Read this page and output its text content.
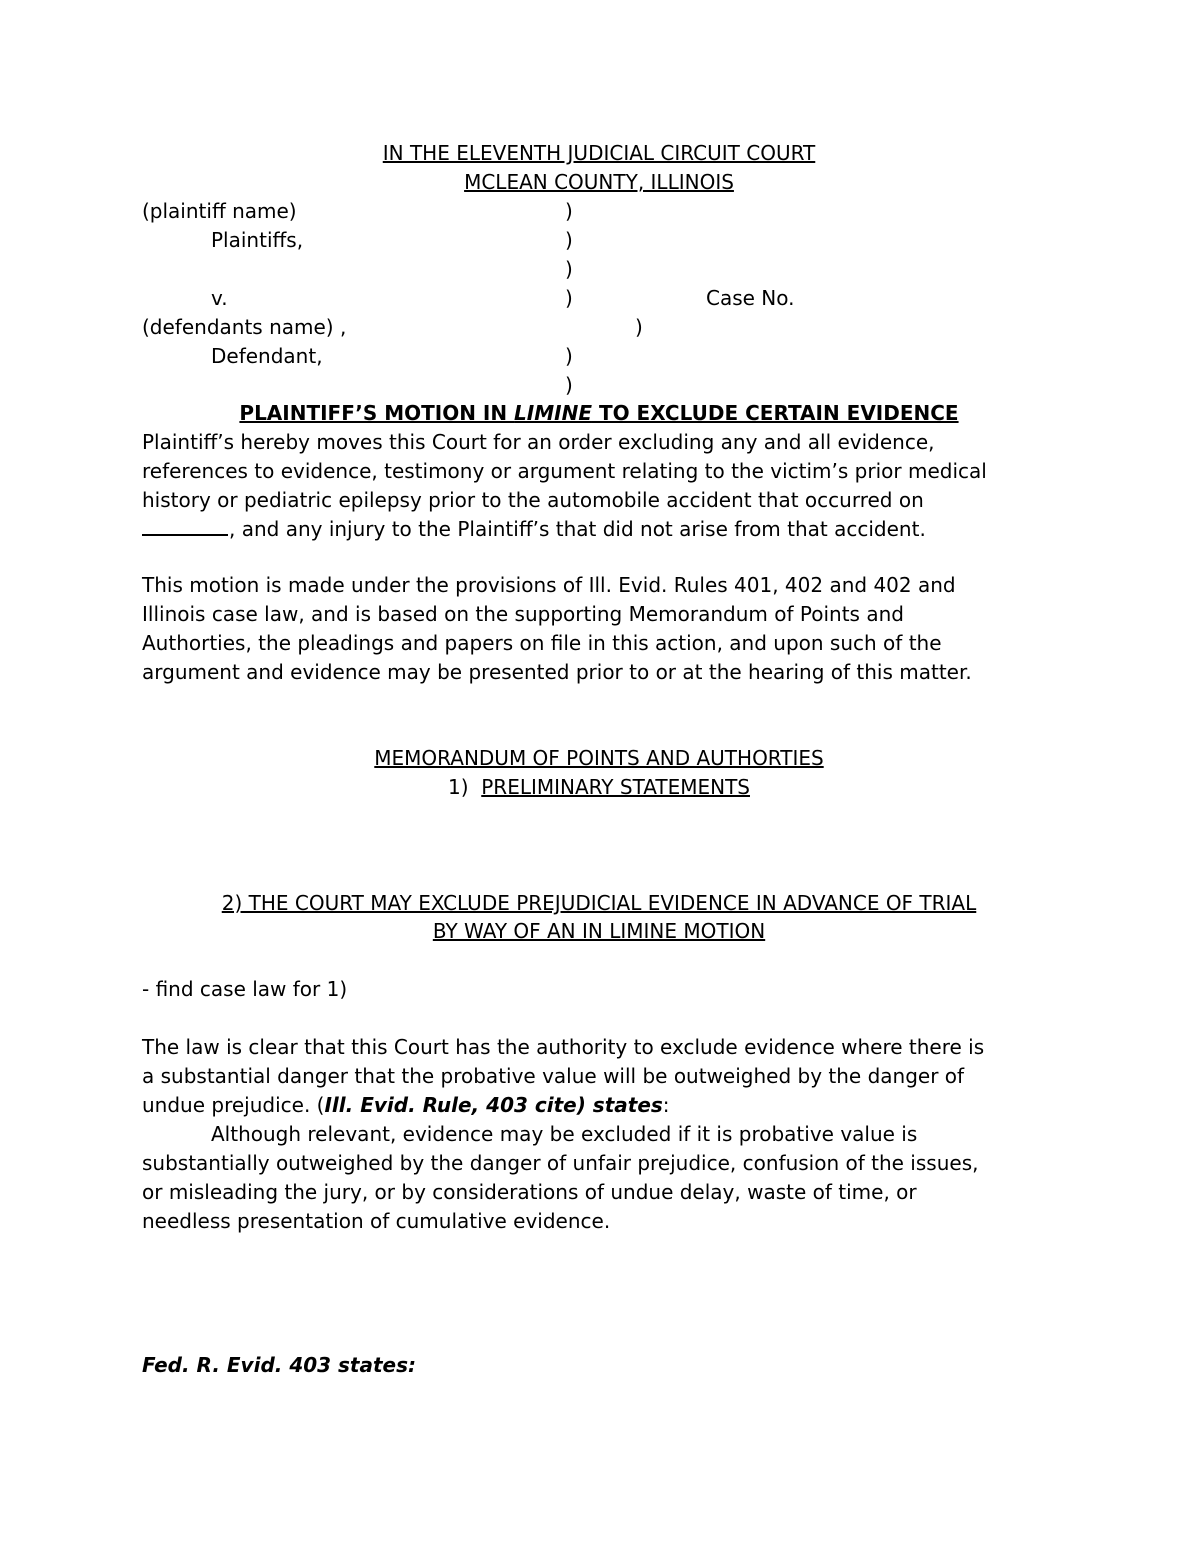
IN THE ELEVENTH JUDICIAL CIRCUIT COURT
MCLEAN COUNTY, ILLINOIS
(plaintiff name)
Plaintiffs,
v.	Case No.
(defendants name) ,
Defendant,
)
)
)
)
)
)
)
PLAINTIFF’S MOTION IN LIMINE TO EXCLUDE CERTAIN EVIDENCE
Plaintiff’s hereby moves this Court for an order excluding any and all evidence,
references to evidence, testimony or argument relating to the victim’s prior medical
history or pediatric epilepsy prior to the automobile accident that occurred on
, and any injury to the Plaintiff’s that did not arise from that accident.
This motion is made under the provisions of Ill. Evid. Rules 401, 402 and 402 and
Illinois case law, and is based on the supporting Memorandum of Points and
Authorties, the pleadings and papers on file in this action, and upon such of the
argument and evidence may be presented prior to or at the hearing of this matter.
MEMORANDUM OF POINTS AND AUTHORTIES
1) PRELIMINARY STATEMENTS
2) THE COURT MAY EXCLUDE PREJUDICIAL EVIDENCE IN ADVANCE OF TRIAL
BY WAY OF AN IN LIMINE MOTION
- find case law for 1)
The law is clear that this Court has the authority to exclude evidence where there is
a substantial danger that the probative value will be outweighed by the danger of
undue prejudice. (Ill. Evid. Rule, 403 cite) states:
Although relevant, evidence may be excluded if it is probative value is
substantially outweighed by the danger of unfair prejudice, confusion of the issues,
or misleading the jury, or by considerations of undue delay, waste of time, or
needless presentation of cumulative evidence.
Fed. R. Evid. 403 states:
